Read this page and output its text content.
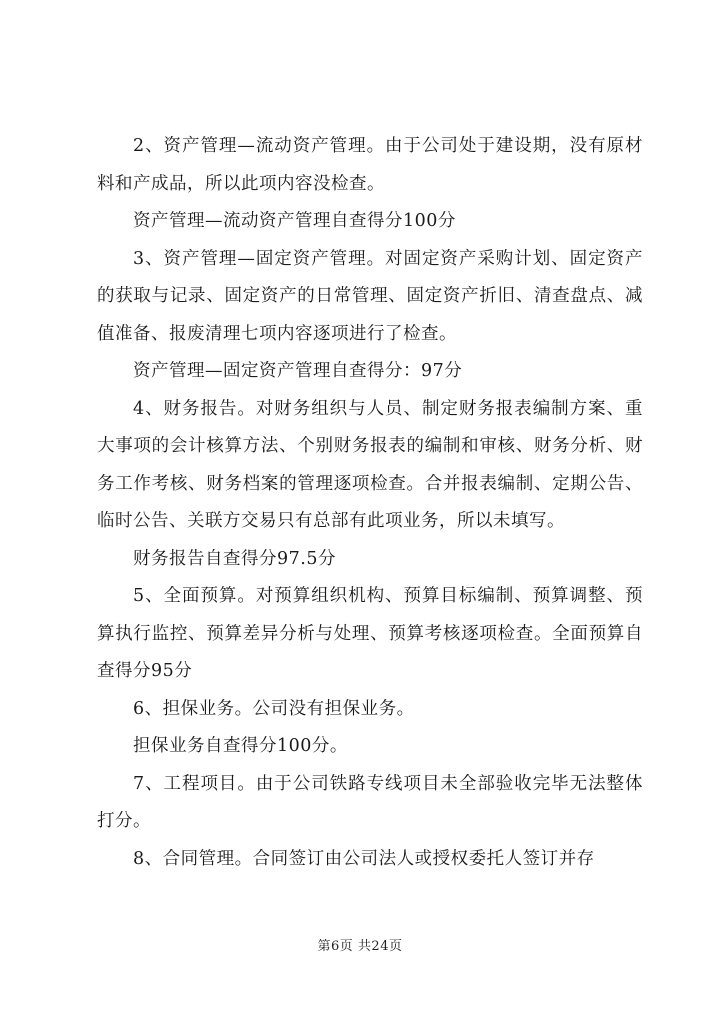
2、资产管理—流动资产管理。由于公司处于建设期，没有原材料和产成品，所以此项内容没检查。

资产管理—流动资产管理自查得分100分

3、资产管理—固定资产管理。对固定资产采购计划、固定资产的获取与记录、固定资产的日常管理、固定资产折旧、清查盘点、减值准备、报废清理七项内容逐项进行了检查。

资产管理—固定资产管理自查得分：97分

4、财务报告。对财务组织与人员、制定财务报表编制方案、重大事项的会计核算方法、个别财务报表的编制和审核、财务分析、财务工作考核、财务档案的管理逐项检查。合并报表编制、定期公告、临时公告、关联方交易只有总部有此项业务，所以未填写。

财务报告自查得分97.5分

5、全面预算。对预算组织机构、预算目标编制、预算调整、预算执行监控、预算差异分析与处理、预算考核逐项检查。全面预算自查得分95分

6、担保业务。公司没有担保业务。

担保业务自查得分100分。

7、工程项目。由于公司铁路专线项目未全部验收完毕无法整体打分。

8、合同管理。合同签订由公司法人或授权委托人签订并存

第6页 共24页
